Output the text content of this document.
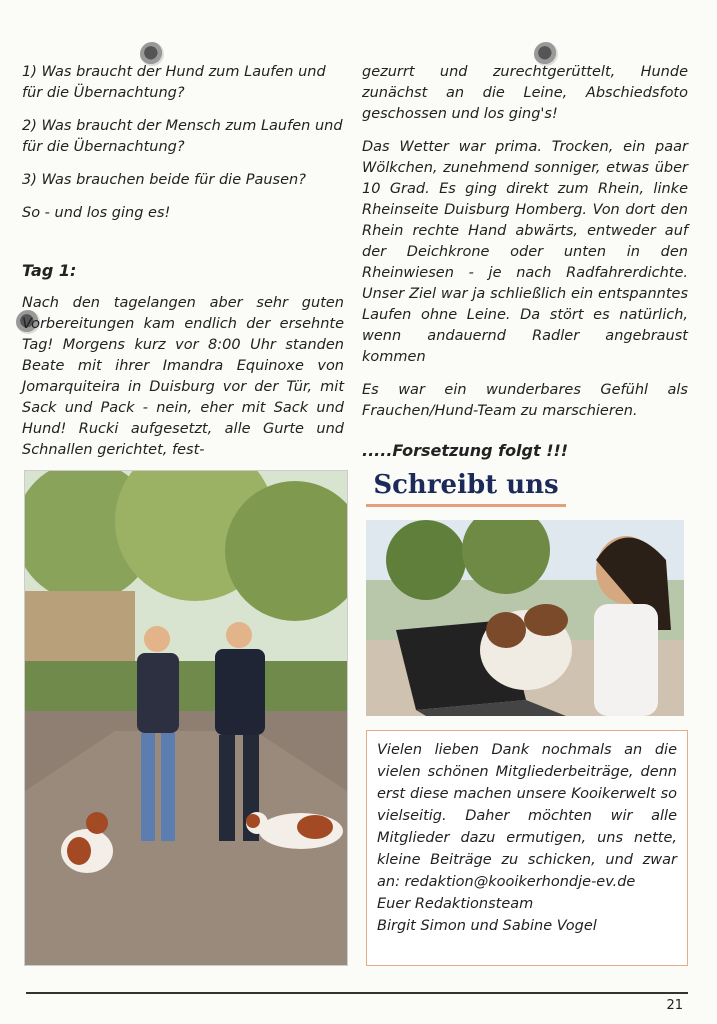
1) Was braucht der Hund zum Laufen und für die Übernachtung?

2) Was braucht der Mensch zum Laufen und für die Übernachtung?

3) Was brauchen beide für die Pausen?

So - und los ging es!

Tag 1:

Nach den tagelangen aber sehr guten Vorbereitungen kam endlich der ersehnte Tag! Morgens kurz vor 8:00 Uhr standen Beate mit ihrer Imandra Equinoxe von Jomarquiteira in Duisburg vor der Tür, mit Sack und Pack - nein, eher mit Sack und Hund! Rucki aufgesetzt, alle Gurte und Schnallen gerichtet, fest-

gezurrt und zurechtgerüttelt, Hunde zunächst an die Leine, Abschiedsfoto geschossen und los ging's!

Das Wetter war prima. Trocken, ein paar Wölkchen, zunehmend sonniger, etwas über 10 Grad. Es ging direkt zum Rhein, linke Rheinseite Duisburg Homberg. Von dort den Rhein rechte Hand abwärts, entweder auf der Deichkrone oder unten in den Rheinwiesen - je nach Radfahrerdichte. Unser Ziel war ja schließlich ein entspanntes Laufen ohne Leine. Da stört es natürlich, wenn andauernd Radler angebraust kommen

Es war ein wunderbares Gefühl als Frauchen/Hund-Team zu marschieren.

.....Forsetzung folgt !!!
Schreibt uns

Vielen lieben Dank nochmals an die vielen schönen Mitgliederbeiträge, denn erst diese machen unsere Kooikerwelt so vielseitig. Daher möchten wir alle Mitglieder dazu ermutigen, uns nette, kleine Beiträge zu schicken, und zwar an: redaktion@kooikerhondje-ev.de

Euer Redaktionsteam

Birgit Simon und Sabine Vogel

21
